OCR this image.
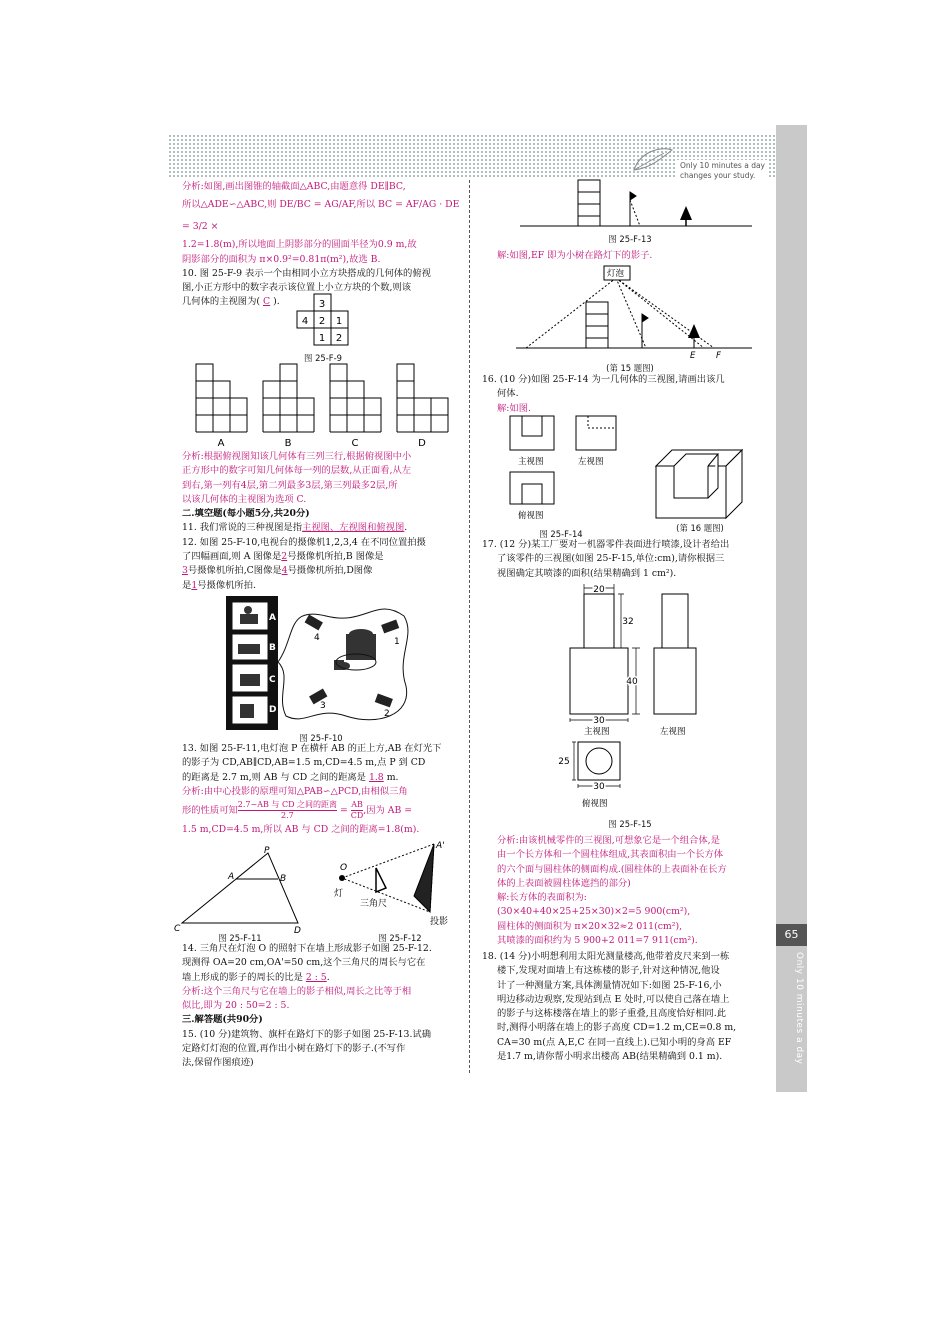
65
Only 10 minutes a day
Only 10 minutes a day
changes your study.

分析:如图,画出图锥的轴截面△ABC,由题意得 DE∥BC,

所以△ADE∽△ABC,则 DE/BC = AG/AF,所以 BC = AF/AG · DE = 3/2 ×

1.2=1.8(m),所以地面上阴影部分的圆面半径为0.9 m,故

阴影部分的面积为 π×0.9²=0.81π(m²),故选 B.

10. 图 25-F-9 表示一个由相同小立方块搭成的几何体的俯视

图,小正方形中的数字表示该位置上小立方块的个数,则该

几何体的主视图为( C ).	3
4 2 1
1 2
图 25-F-9
A	B	C	D

分析:根据俯视图知该几何体有三列三行,根据俯视图中小

正方形中的数字可知几何体每一列的层数,从正面看,从左

到右,第一列有4层,第二列最多3层,第三列最多2层,所

以该几何体的主视图为选项 C.

二.填空题(每小题5分,共20分)

11. 我们常说的三种视图是指主视图、左视图和俯视图.

12. 如图 25-F-10,电视台的摄像机1,2,3,4 在不同位置拍摄

了四幅画面,则 A 图像是2号摄像机所拍,B 图像是

3号摄像机所拍,C图像是4号摄像机所拍,D图像

是1号摄像机所拍.

A
B
C
D
1
2
3
4
图 25-F-10

13. 如图 25-F-11,电灯泡 P 在横杆 AB 的正上方,AB 在灯光下

的影子为 CD,AB∥CD,AB=1.5 m,CD=4.5 m,点 P 到 CD

的距离是 2.7 m,则 AB 与 CD 之间的距离是 1.8 m.

分析:由中心投影的原理可知△PAB∽△PCD,由相似三角

形的性质可知
2.7−AB 与 CD 之间的距离
2.7	= $\frac{AB}{CD}$ ,因为 AB =

1.5 m,CD=4.5 m,所以 AB 与 CD 之间的距离=1.8(m).

P
A	B
C	D
图 25-F-11
O
A'
灯
三角尺
投影
图 25-F-12

14. 三角尺在灯泡 O 的照射下在墙上形成影子如图 25-F-12.

现测得 OA=20 cm,OA'=50 cm,这个三角尺的周长与它在

墙上形成的影子的周长的比是 2 : 5.

分析:这个三角尺与它在墙上的影子相似,周长之比等于相

似比,即为 20 : 50=2 : 5.

三.解答题(共90分)

15. (10 分)建筑物、旗杆在路灯下的影子如图 25-F-13.试确

定路灯灯泡的位置,再作出小树在路灯下的影子.(不写作

法,保留作图痕迹)

图 25-F-13

解:如图,EF 即为小树在路灯下的影子.

灯泡
E F
(第 15 题图)

16. (10 分)如图 25-F-14 为一几何体的三视图,请画出该几

何体.

解:如图.

主视图	左视图
俯视图
图 25-F-14
(第 16 题图)

17. (12 分)某工厂要对一机器零件表面进行喷漆,设计者给出

了该零件的三视图(如图 25-F-15,单位:cm),请你根据三

视图确定其喷漆的面积(结果精确到 1 cm²).

20
32
40
30
25
30
主视图	左视图
俯视图
图 25-F-15

分析:由该机械零件的三视图,可想象它是一个组合体,是

由一个长方体和一个圆柱体组成,其表面积由一个长方体

的六个面与圆柱体的侧面构成.(圆柱体的上表面补在长方

体的上表面被圆柱体遮挡的部分)

解:长方体的表面积为:

(30×40+40×25+25×30)×2=5 900(cm²),

圆柱体的侧面积为 π×20×32≈2 011(cm²),

其喷漆的面积约为 5 900+2 011=7 911(cm²).

18. (14 分)小明想利用太阳光测量楼高,他带着皮尺来到一栋

楼下,发现对面墙上有这栋楼的影子,针对这种情况,他设

计了一种测量方案,具体测量情况如下:如图 25-F-16,小

明边移动边观察,发现站到点 E 处时,可以使自己落在墙上

的影子与这栋楼落在墙上的影子重叠,且高度恰好相同.此

时,测得小明落在墙上的影子高度 CD=1.2 m,CE=0.8 m,

CA=30 m(点 A,E,C 在同一直线上).已知小明的身高 EF

是1.7 m,请你帮小明求出楼高 AB(结果精确到 0.1 m).
